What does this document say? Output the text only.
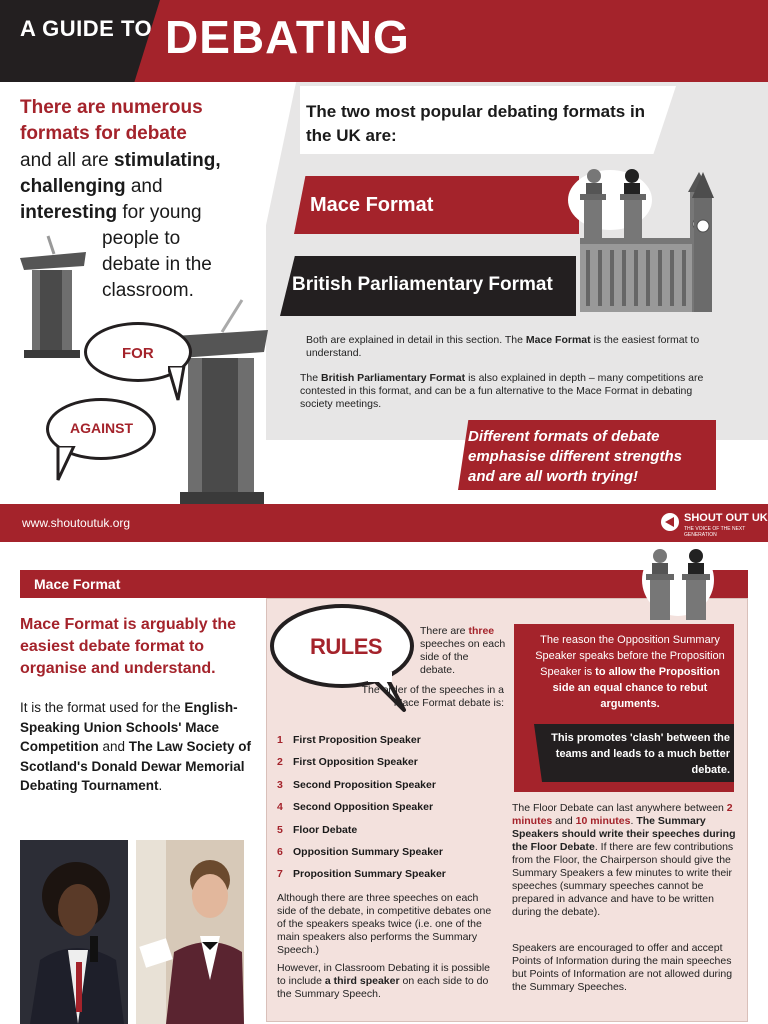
A GUIDE TO DEBATING
There are numerous
formats for debate
and all are stimulating,
challenging and
interesting for young

people to
debate in the
classroom.
FOR
AGAINST
The two most popular debating formats in the UK are:
Mace Format
British Parliamentary Format
Both are explained in detail in this section. The Mace Format is the easiest format to understand.
The British Parliamentary Format is also explained in depth – many competitions are contested in this format, and can be a fun alternative to the Mace Format in debating society meetings.
Different formats of debate emphasise different strengths and are all worth trying!
www.shoutoutuk.org	SHOUT OUT UK
THE VOICE OF THE NEXT GENERATION
Mace Format
Mace Format is arguably the easiest debate format to organise and understand.
It is the format used for the English-Speaking Union Schools' Mace Competition and The Law Society of Scotland's Donald Dewar Memorial Debating Tournament.
RULES
There are three speeches on each side of the debate.
The order of the speeches in a Mace Format debate is:
1 First Proposition Speaker
2 First Opposition Speaker
3 Second Proposition Speaker
4 Second Opposition Speaker
5 Floor Debate
6 Opposition Summary Speaker
7 Proposition Summary Speaker
Although there are three speeches on each side of the debate, in competitive debates one of the speakers speaks twice (i.e. one of the main speakers also performs the Summary Speech.)
However, in Classroom Debating it is possible to include a third speaker on each side to do the Summary Speech.
The reason the Opposition Summary Speaker speaks before the Proposition Speaker is to allow the Proposition side an equal chance to rebut arguments.
This promotes 'clash' between the teams and leads to a much better debate.
The Floor Debate can last anywhere between 2 minutes and 10 minutes. The Summary Speakers should write their speeches during the Floor Debate. If there are few contributions from the Floor, the Chairperson should give the Summary Speakers a few minutes to write their speeches (summary speeches cannot be prepared in advance and have to be written during the debate).
Speakers are encouraged to offer and accept Points of Information during the main speeches but Points of Information are not allowed during the Summary Speeches.
